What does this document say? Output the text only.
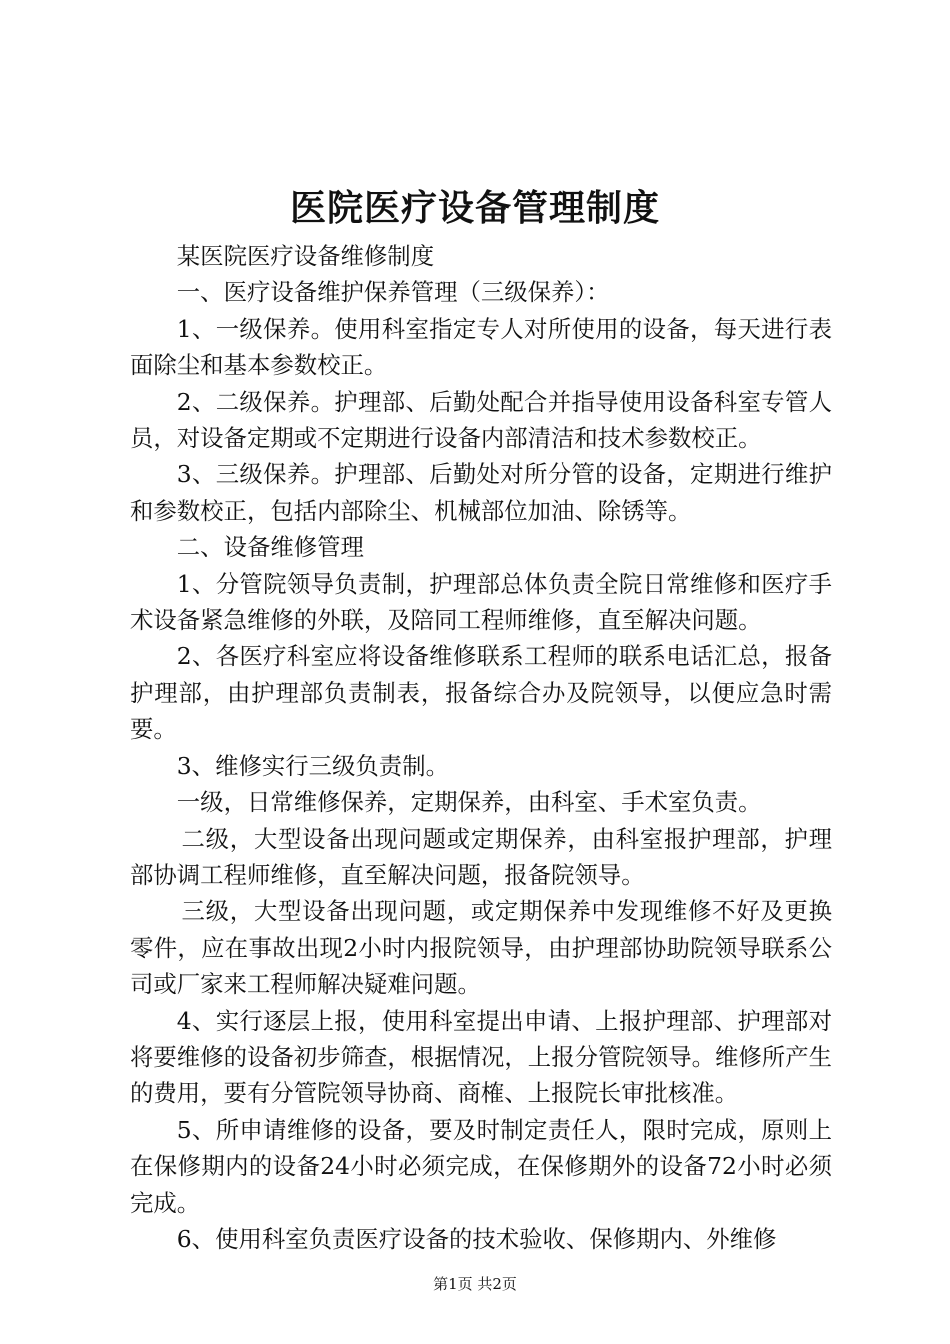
医院医疗设备管理制度

某医院医疗设备维修制度

一、医疗设备维护保养管理（三级保养）：

1、一级保养。使用科室指定专人对所使用的设备，每天进行表面除尘和基本参数校正。

2、二级保养。护理部、后勤处配合并指导使用设备科室专管人员，对设备定期或不定期进行设备内部清洁和技术参数校正。

3、三级保养。护理部、后勤处对所分管的设备，定期进行维护和参数校正，包括内部除尘、机械部位加油、除锈等。

二、设备维修管理

1、分管院领导负责制，护理部总体负责全院日常维修和医疗手术设备紧急维修的外联，及陪同工程师维修，直至解决问题。

2、各医疗科室应将设备维修联系工程师的联系电话汇总，报备护理部，由护理部负责制表，报备综合办及院领导，以便应急时需要。

3、维修实行三级负责制。

一级，日常维修保养，定期保养，由科室、手术室负责。

二级，大型设备出现问题或定期保养，由科室报护理部，护理部协调工程师维修，直至解决问题，报备院领导。

三级，大型设备出现问题，或定期保养中发现维修不好及更换零件，应在事故出现2小时内报院领导，由护理部协助院领导联系公司或厂家来工程师解决疑难问题。

4、实行逐层上报，使用科室提出申请、上报护理部、护理部对将要维修的设备初步筛查，根据情况，上报分管院领导。维修所产生的费用，要有分管院领导协商、商榷、上报院长审批核准。

5、所申请维修的设备，要及时制定责任人，限时完成，原则上在保修期内的设备24小时必须完成，在保修期外的设备72小时必须完成。

6、使用科室负责医疗设备的技术验收、保修期内、外维修

第1页 共2页
